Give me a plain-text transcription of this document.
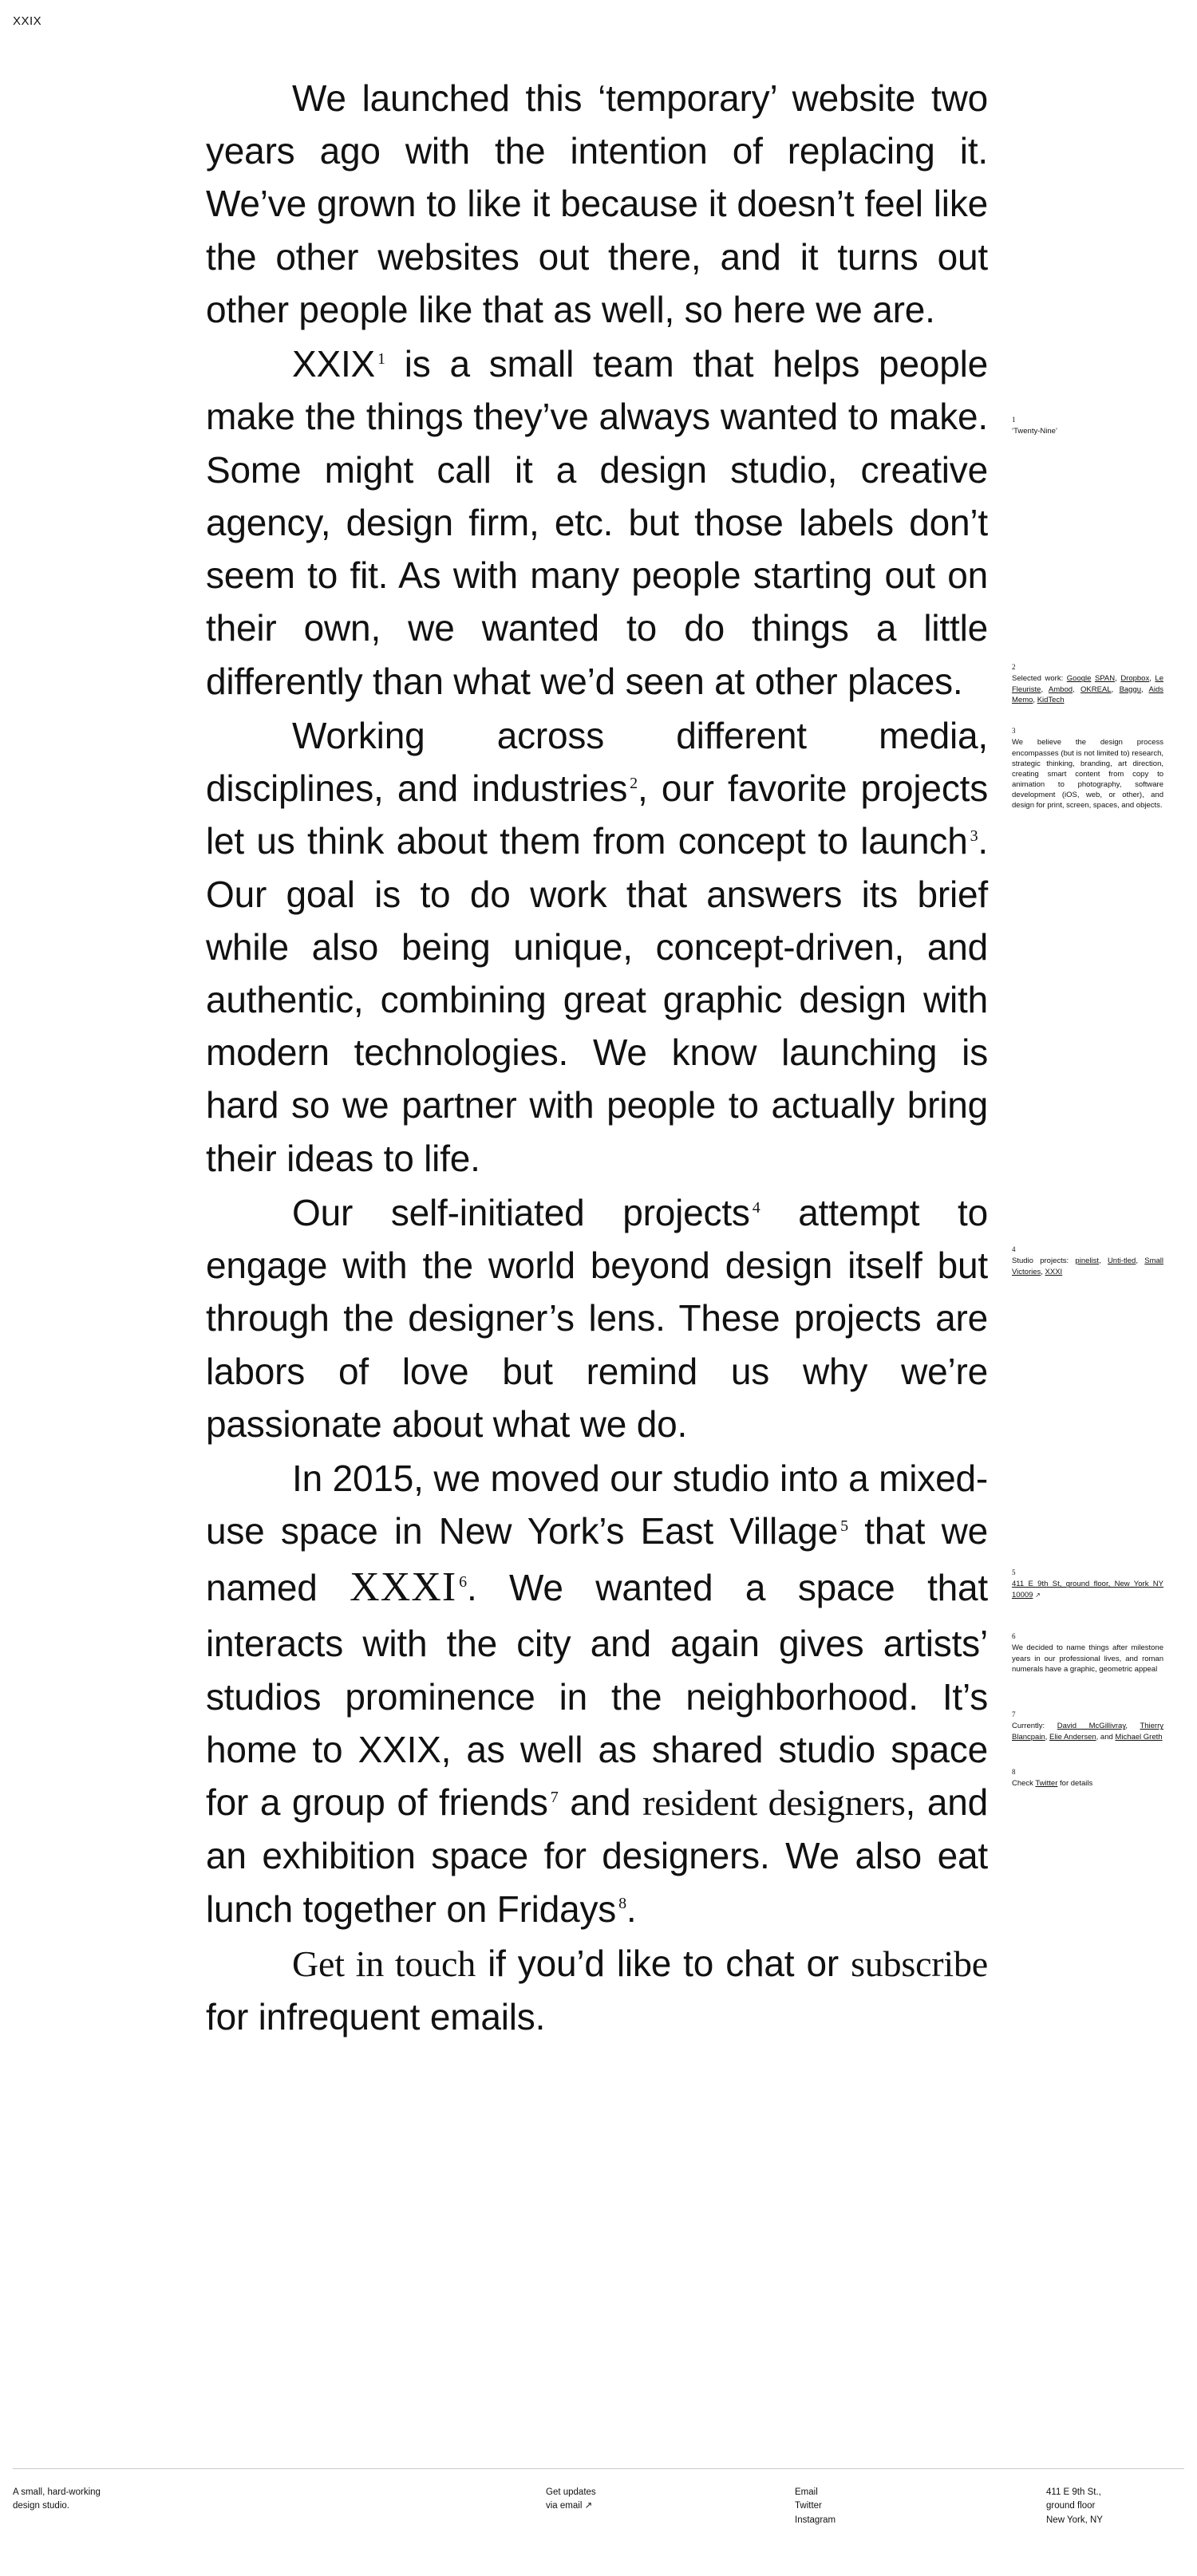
XXIX

We launched this ‘temporary’ website two years ago with the intention of replacing it. We’ve grown to like it because it doesn’t feel like the other websites out there, and it turns out other people like that as well, so here we are.

XXIX $^1$ is a small team that helps people make the things they’ve always wanted to make. Some might call it a design studio, creative agency, design firm, etc. but those labels don’t seem to fit. As with many people starting out on their own, we wanted to do things a little differently than what we’d seen at other places.

Working across different media, disciplines, and industries $^2$, our favorite projects let us think about them from concept to launch $^3$. Our goal is to do work that answers its brief while also being unique, concept-driven, and authentic, combining great graphic design with modern technologies. We know launching is hard so we partner with people to actually bring their ideas to life.

Our self-initiated projects $^4$ attempt to engage with the world beyond design itself but through the designer’s lens. These projects are labors of love but remind us why we’re passionate about what we do.

In 2015, we moved our studio into a mixed-use space in New York’s East Village $^5$ that we named XXXI $^6$. We wanted a space that interacts with the city and again gives artists’ studios prominence in the neighborhood. It’s home to XXIX, as well as shared studio space for a group of friends $^7$ and resident designers, and an exhibition space for designers. We also eat lunch together on Fridays $^8$.

Get in touch if you’d like to chat or subscribe for infrequent emails.

1
‘Twenty-Nine’
2
Selected work: Google SPAN, Dropbox, Le Fleuriste, Ambod, OKREAL, Baggu, Aids Memo, KidTech
3
We believe the design process encompasses (but is not limited to) research, strategic thinking, branding, art direction, creating smart content from copy to animation to photography, software development (iOS, web, or other), and design for print, screen, spaces, and objects.
4
Studio projects: pinelist, Unti-tled, Small Victories, XXXI
5
411 E 9th St, ground floor, New York NY 10009 ↗
6
We decided to name things after milestone years in our professional lives, and roman numerals have a graphic, geometric appeal
7
Currently: David McGillivray, Thierry Blancpain, Elie Andersen, and Michael Greth
8
Check Twitter for details
A small, hard-working
design studio.
Get updates
via email ↗
Email
Twitter
Instagram
411 E 9th St.,
ground floor
New York, NY
